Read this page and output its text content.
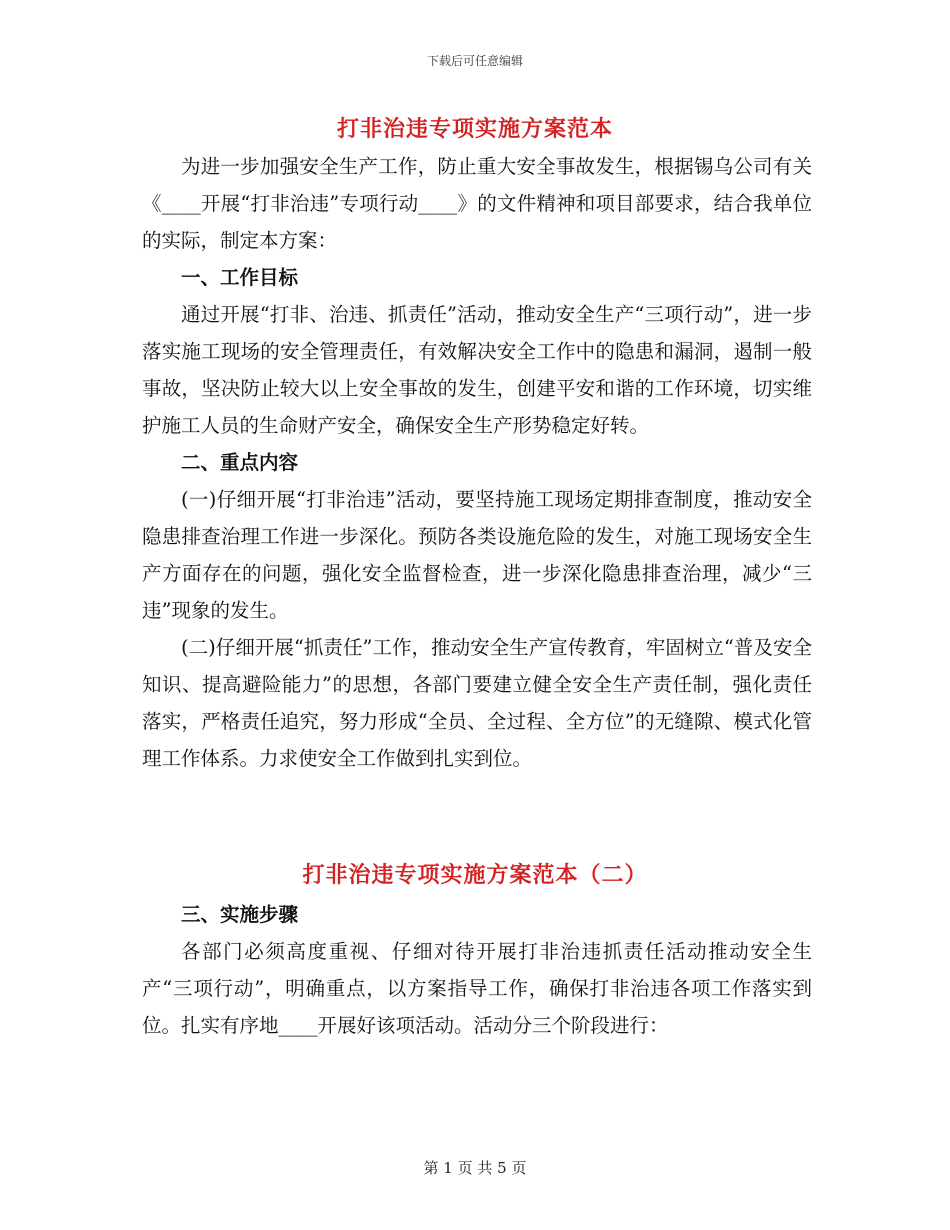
下载后可任意编辑

打非治违专项实施方案范本

为进一步加强安全生产工作，防止重大安全事故发生，根据锡乌公司有关《____开展“打非治违”专项行动____》的文件精神和项目部要求，结合我单位的实际，制定本方案：

一、工作目标

通过开展“打非、治违、抓责任”活动，推动安全生产“三项行动”，进一步落实施工现场的安全管理责任，有效解决安全工作中的隐患和漏洞，遏制一般事故，坚决防止较大以上安全事故的发生，创建平安和谐的工作环境，切实维护施工人员的生命财产安全，确保安全生产形势稳定好转。

二、重点内容

(一)仔细开展“打非治违”活动，要坚持施工现场定期排查制度，推动安全隐患排查治理工作进一步深化。预防各类设施危险的发生，对施工现场安全生产方面存在的问题，强化安全监督检查，进一步深化隐患排查治理，减少“三违”现象的发生。

(二)仔细开展“抓责任”工作，推动安全生产宣传教育，牢固树立“普及安全知识、提高避险能力”的思想，各部门要建立健全安全生产责任制，强化责任落实，严格责任追究，努力形成“全员、全过程、全方位”的无缝隙、模式化管理工作体系。力求使安全工作做到扎实到位。

打非治违专项实施方案范本（二）

三、实施步骤

各部门必须高度重视、仔细对待开展打非治违抓责任活动推动安全生产“三项行动”，明确重点，以方案指导工作，确保打非治违各项工作落实到位。扎实有序地____开展好该项活动。活动分三个阶段进行：

第 1 页 共 5 页
